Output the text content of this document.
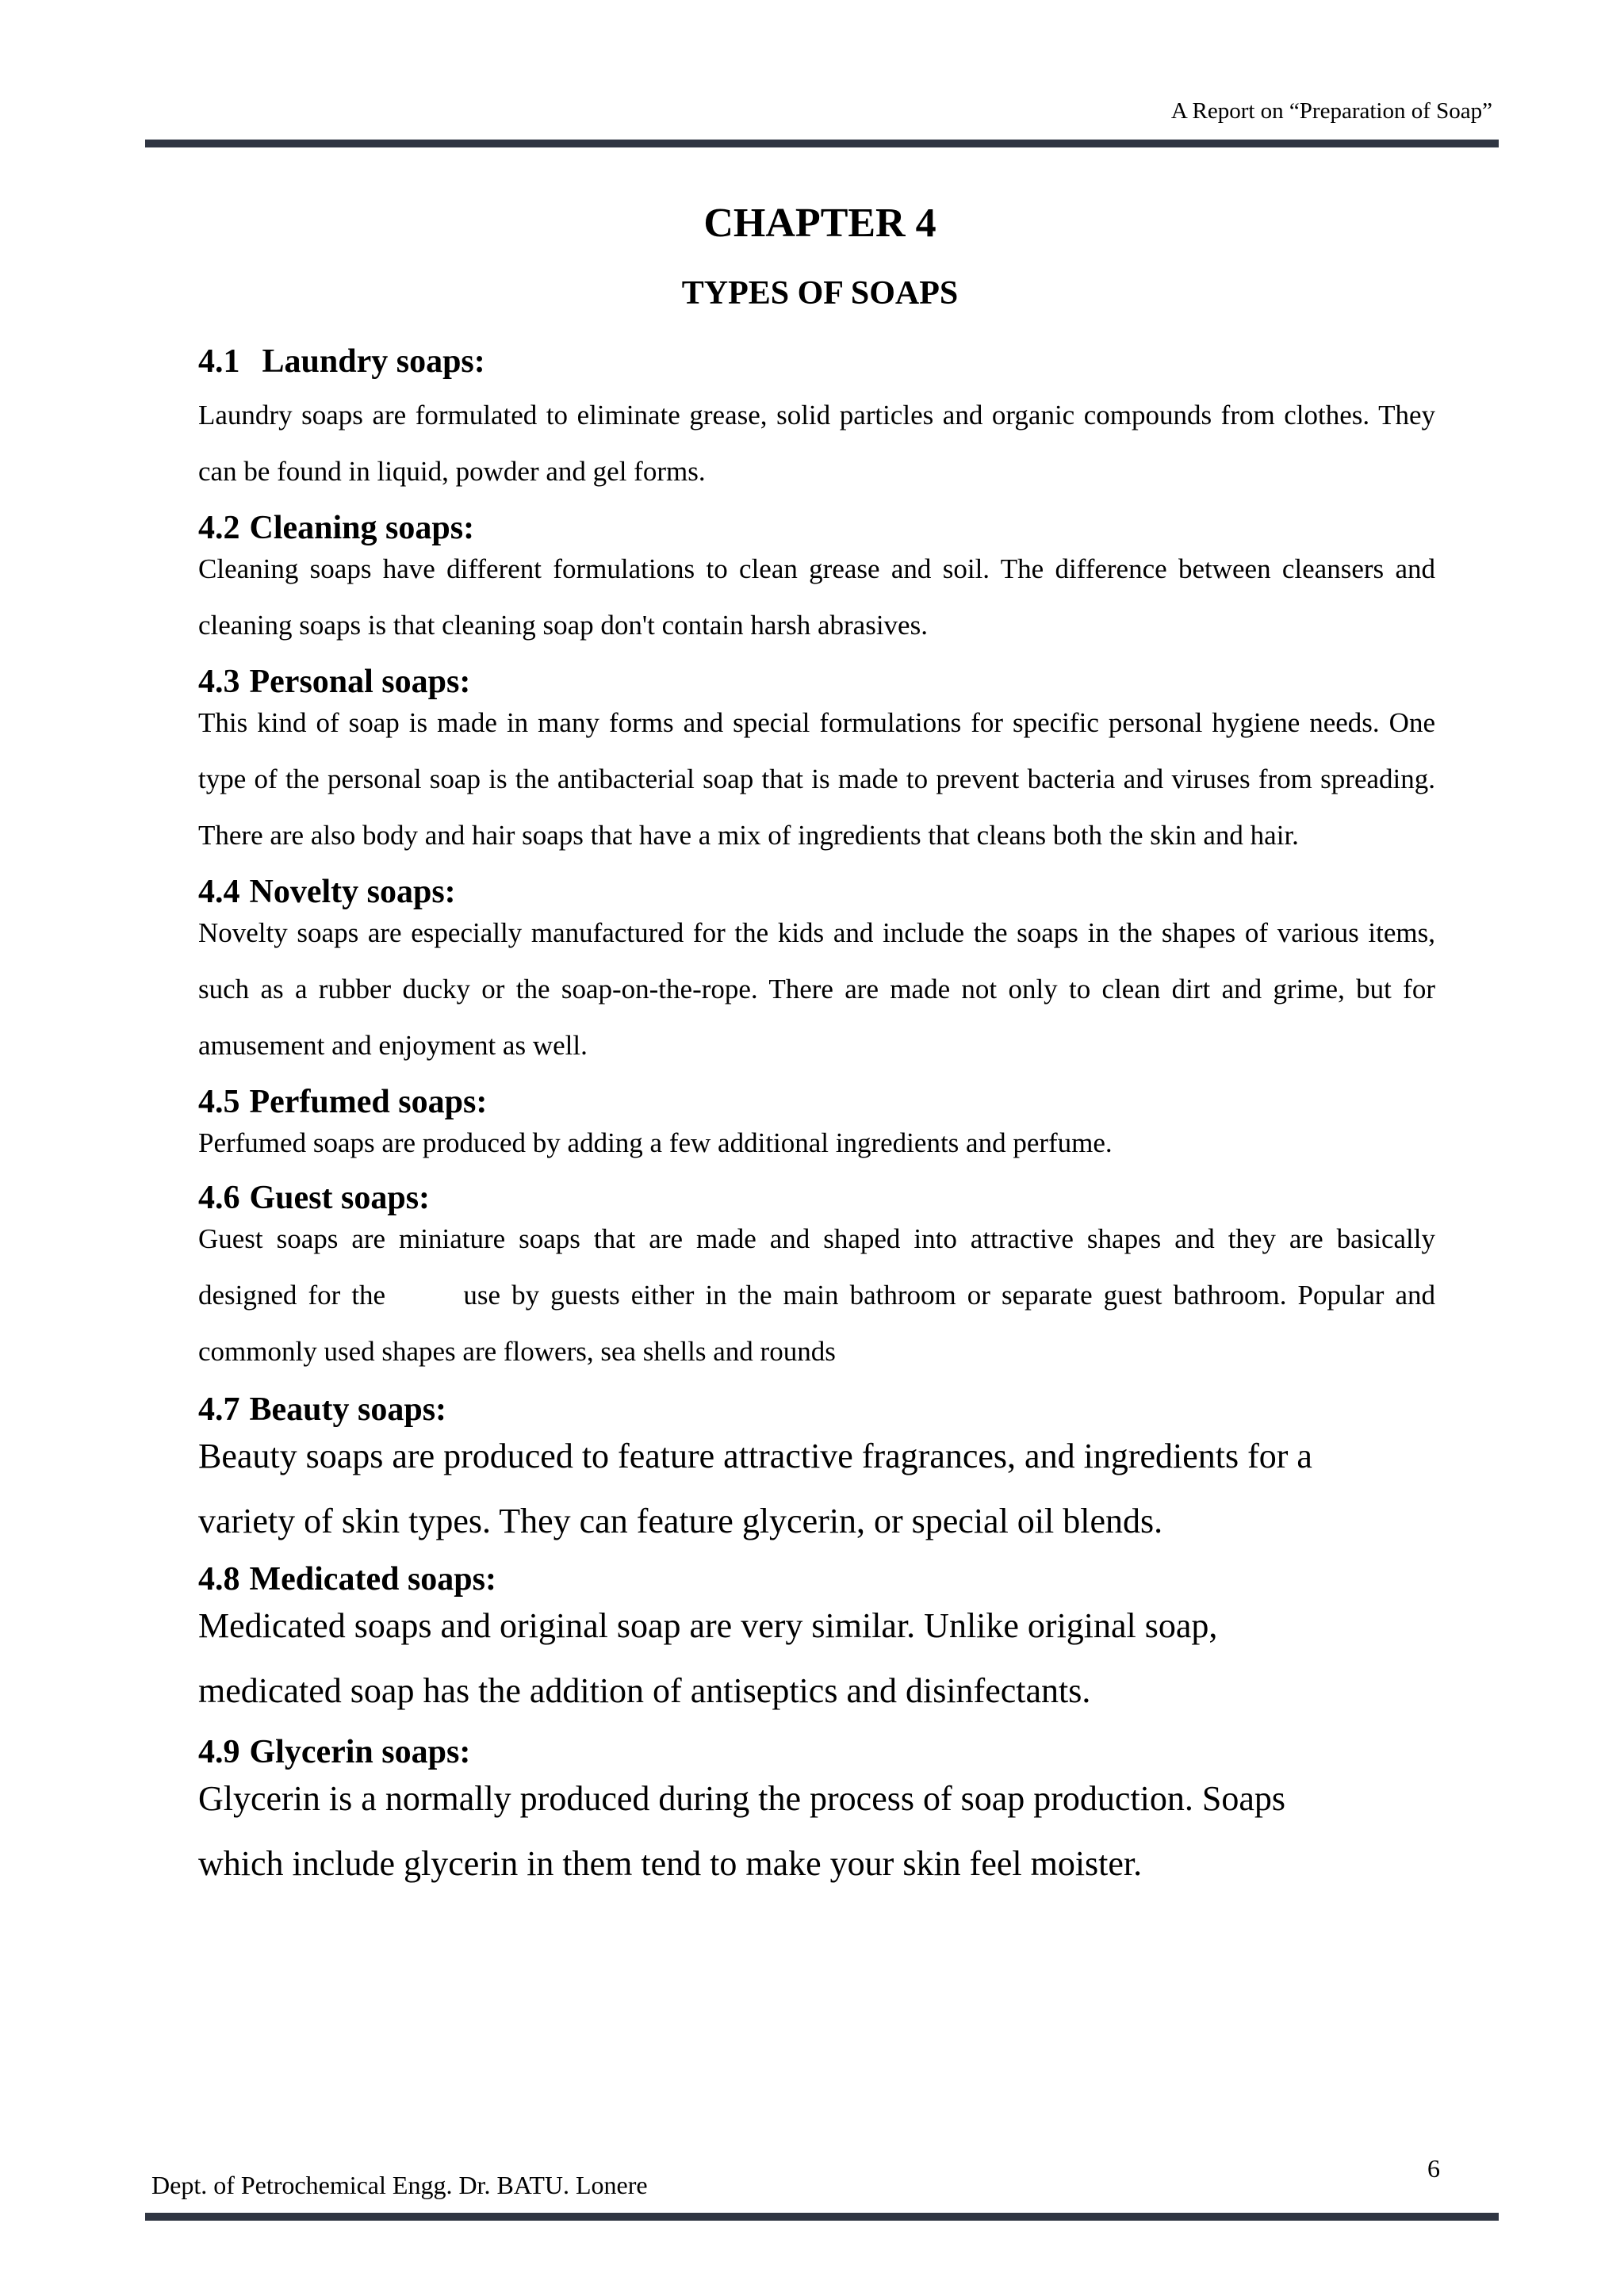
A Report on “Preparation of Soap”
CHAPTER 4
TYPES OF SOAPS
4.1 Laundry soaps:

Laundry soaps are formulated to eliminate grease, solid particles and organic compounds from clothes. They can be found in liquid, powder and gel forms.

4.2 Cleaning soaps:

Cleaning soaps have different formulations to clean grease and soil. The difference between cleansers and cleaning soaps is that cleaning soap don't contain harsh abrasives.

4.3 Personal soaps:

This kind of soap is made in many forms and special formulations for specific personal hygiene needs. One type of the personal soap is the antibacterial soap that is made to prevent bacteria and viruses from spreading. There are also body and hair soaps that have a mix of ingredients that cleans both the skin and hair.

4.4 Novelty soaps:

Novelty soaps are especially manufactured for the kids and include the soaps in the shapes of various items, such as a rubber ducky or the soap-on-the-rope. There are made not only to clean dirt and grime, but for amusement and enjoyment as well.

4.5 Perfumed soaps:

Perfumed soaps are produced by adding a few additional ingredients and perfume.

4.6 Guest soaps:

Guest soaps are miniature soaps that are made and shaped into attractive shapes and they are basically designed for the       use by guests either in the main bathroom or separate guest bathroom. Popular and commonly used shapes are flowers, sea shells and rounds

4.7 Beauty soaps:

Beauty soaps are produced to feature attractive fragrances, and ingredients for a

variety of skin types. They can feature glycerin, or special oil blends.

4.8 Medicated soaps:

Medicated soaps and original soap are very similar. Unlike original soap,

medicated soap has the addition of antiseptics and disinfectants.

4.9 Glycerin soaps:

Glycerin is a normally produced during the process of soap production. Soaps

which include glycerin in them tend to make your skin feel moister.

6
Dept. of Petrochemical Engg. Dr. BATU. Lonere
